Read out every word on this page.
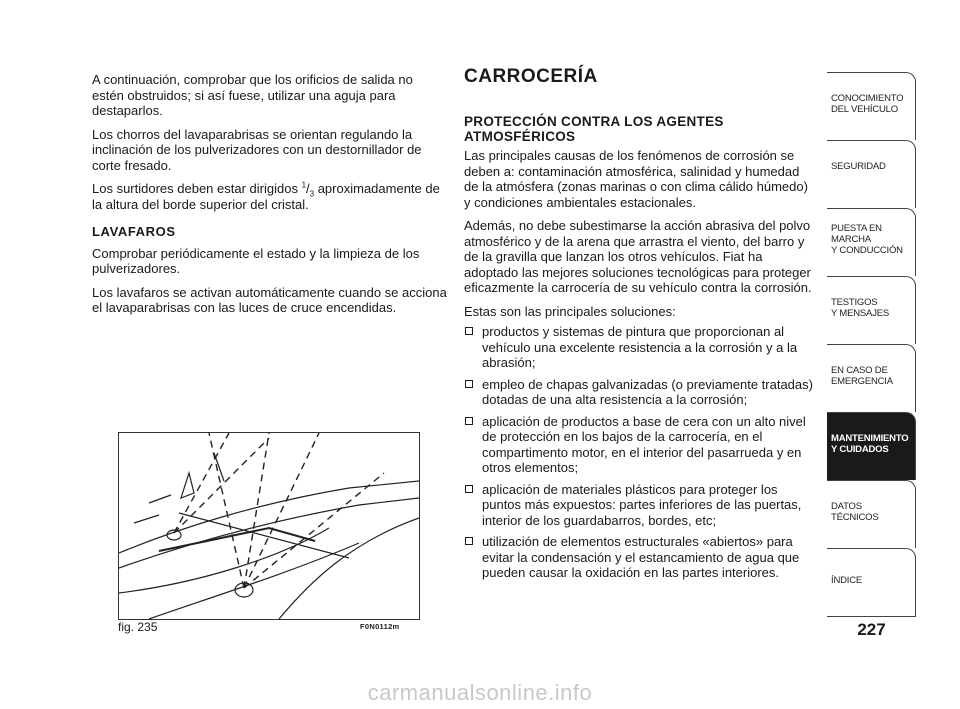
A continuación, comprobar que los orificios de salida no estén obstruidos; si así fuese, utilizar una aguja para destaparlos.

Los chorros del lavaparabrisas se orientan regulando la inclinación de los pulverizadores con un destornillador de corte fresado.

Los surtidores deben estar dirigidos $^1/_3$ aproximadamente de la altura del borde superior del cristal.

LAVAFAROS

Comprobar periódicamente el estado y la limpieza de los pulverizadores.

Los lavafaros se activan automáticamente cuando se acciona el lavaparabrisas con las luces de cruce encendidas.

fig. 235	F0N0112m
CARROCERÍA
PROTECCIÓN CONTRA LOS AGENTES ATMOSFÉRICOS

Las principales causas de los fenómenos de corrosión se deben a: contaminación atmosférica, salinidad y humedad de la atmósfera (zonas marinas o con clima cálido húmedo) y condiciones ambientales estacionales.

Además, no debe subestimarse la acción abrasiva del polvo atmosférico y de la arena que arrastra el viento, del barro y de la gravilla que lanzan los otros vehículos. Fiat ha adoptado las mejores soluciones tecnológicas para proteger eficazmente la carrocería de su vehículo contra la corrosión.

Estas son las principales soluciones:

productos y sistemas de pintura que proporcionan al vehículo una excelente resistencia a la corrosión y a la abrasión;
empleo de chapas galvanizadas (o previamente tratadas) dotadas de una alta resistencia a la corrosión;
aplicación de productos a base de cera con un alto nivel de protección en los bajos de la carrocería, en el compartimento motor, en el interior del pasarrueda y en otros elementos;
aplicación de materiales plásticos para proteger los puntos más expuestos: partes inferiores de las puertas, interior de los guardabarros, bordes, etc;
utilización de elementos estructurales «abiertos» para evitar la condensación y el estancamiento de agua que pueden causar la oxidación en las partes interiores.
CONOCIMIENTO
DEL VEHÍCULO
SEGURIDAD
PUESTA EN
MARCHA
Y CONDUCCIÓN
TESTIGOS
Y MENSAJES
EN CASO DE
EMERGENCIA
MANTENIMIENTO
Y CUIDADOS
DATOS
TÉCNICOS
ÍNDICE
227
carmanualsonline.info
